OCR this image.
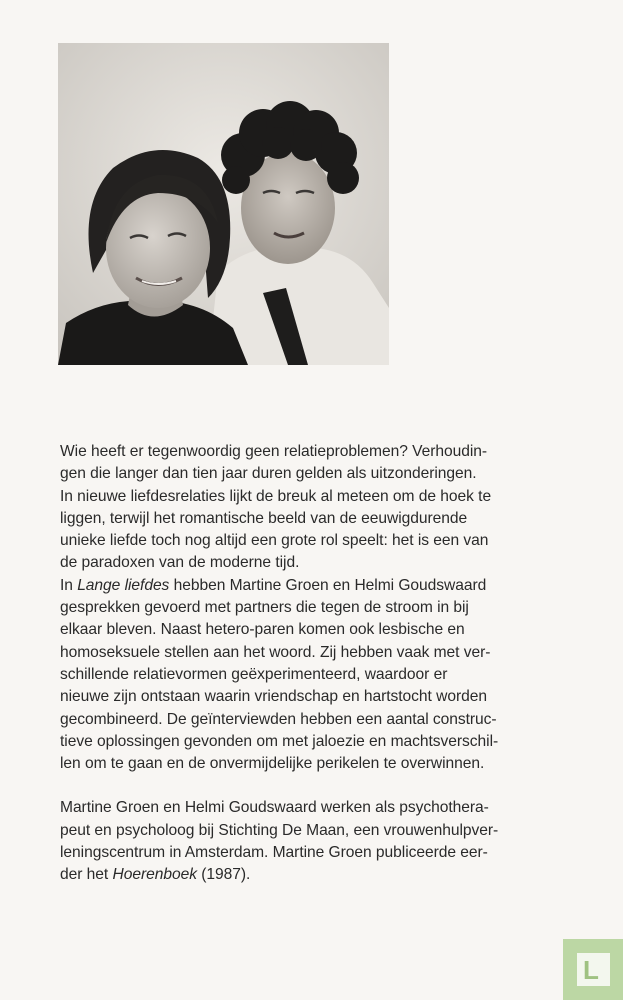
Wie heeft er tegenwoordig geen relatieproblemen? Verhoudin-
gen die langer dan tien jaar duren gelden als uitzonderingen.
In nieuwe liefdesrelaties lijkt de breuk al meteen om de hoek te
liggen, terwijl het romantische beeld van de eeuwigdurende
unieke liefde toch nog altijd een grote rol speelt: het is een van
de paradoxen van de moderne tijd.
In Lange liefdes hebben Martine Groen en Helmi Goudswaard
gesprekken gevoerd met partners die tegen de stroom in bij
elkaar bleven. Naast hetero-paren komen ook lesbische en
homoseksuele stellen aan het woord. Zij hebben vaak met ver-
schillende relatievormen geëxperimenteerd, waardoor er
nieuwe zijn ontstaan waarin vriendschap en hartstocht worden
gecombineerd. De geïnterviewden hebben een aantal construc-
tieve oplossingen gevonden om met jaloezie en machtsverschil-
len om te gaan en de onvermijdelijke perikelen te overwinnen.
Martine Groen en Helmi Goudswaard werken als psychothera-
peut en psycholoog bij Stichting De Maan, een vrouwenhulpver-
leningscentrum in Amsterdam. Martine Groen publiceerde eer-
der het Hoerenboek (1987).
L
